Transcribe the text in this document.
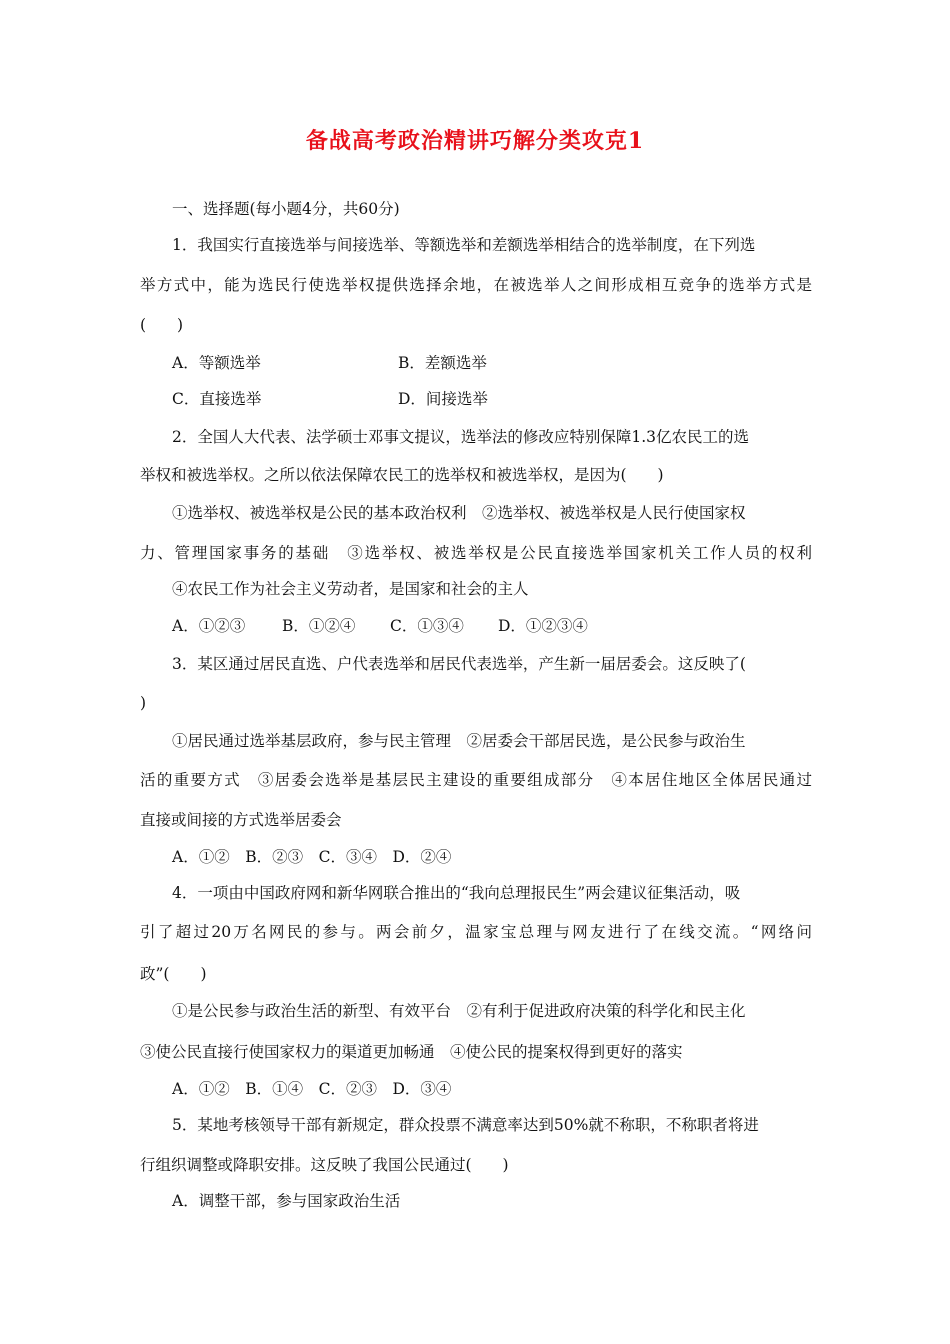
备战高考政治精讲巧解分类攻克1
一、选择题(每小题4分，共60分)
1．我国实行直接选举与间接选举、等额选举和差额选举相结合的选举制度，在下列选
举方式中，能为选民行使选举权提供选择余地，在被选举人之间形成相互竞争的选举方式是
(　　)
A．等额选举	B．差额选举
C．直接选举	D．间接选举
2．全国人大代表、法学硕士邓事文提议，选举法的修改应特别保障1.3亿农民工的选
举权和被选举权。之所以依法保障农民工的选举权和被选举权，是因为(　　)
①选举权、被选举权是公民的基本政治权利　②选举权、被选举权是人民行使国家权
力、管理国家事务的基础　③选举权、被选举权是公民直接选举国家机关工作人员的权利
④农民工作为社会主义劳动者，是国家和社会的主人
A．①②③ B．①②④ C．①③④ D．①②③④
3．某区通过居民直选、户代表选举和居民代表选举，产生新一届居委会。这反映了(
)
①居民通过选举基层政府，参与民主管理　②居委会干部居民选，是公民参与政治生
活的重要方式　③居委会选举是基层民主建设的重要组成部分　④本居住地区全体居民通过
直接或间接的方式选举居委会
A．①②　B．②③　C．③④　D．②④
4．一项由中国政府网和新华网联合推出的“我向总理报民生”两会建议征集活动，吸
引了超过20万名网民的参与。两会前夕，温家宝总理与网友进行了在线交流。“网络问
政”(　　)
①是公民参与政治生活的新型、有效平台　②有利于促进政府决策的科学化和民主化
③使公民直接行使国家权力的渠道更加畅通　④使公民的提案权得到更好的落实
A．①②　B．①④　C．②③　D．③④
5．某地考核领导干部有新规定，群众投票不满意率达到50%就不称职，不称职者将进
行组织调整或降职安排。这反映了我国公民通过(　　)
A．调整干部，参与国家政治生活
